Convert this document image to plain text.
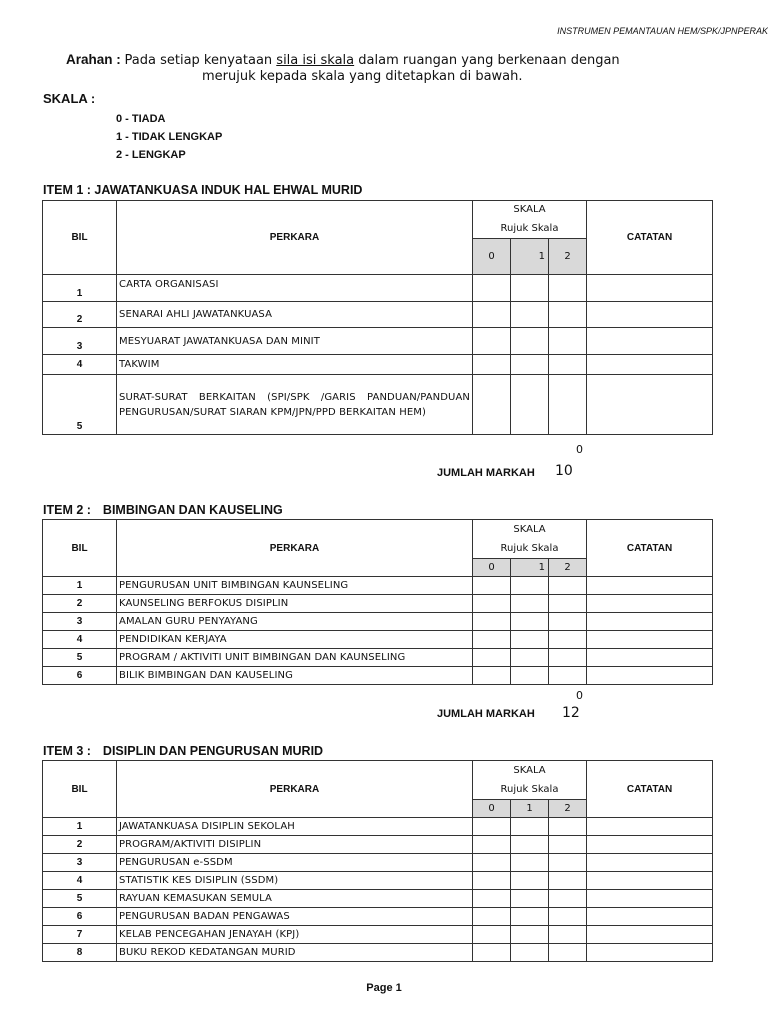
INSTRUMEN PEMANTAUAN HEM/SPK/JPNPERAK
Arahan : Pada setiap kenyataan sila isi skala dalam ruangan yang berkenaan dengan
merujuk kepada skala yang ditetapkan di bawah.
SKALA :
0 - TIADA
1 - TIDAK LENGKAP
2 - LENGKAP
ITEM 1 : JAWATANKUASA INDUK HAL EHWAL MURID
BIL	PERKARA	SKALA			CATATAN
		Rujuk Skala			
		0	1	2	
1	CARTA ORGANISASI				
2	SENARAI AHLI JAWATANKUASA				
3	MESYUARAT JAWATANKUASA DAN MINIT				
4	TAKWIM				
5	SURAT-SURAT BERKAITAN (SPI/SPK /GARIS PANDUAN/PANDUAN PENGURUSAN/SURAT SIARAN KPM/JPN/PPD BERKAITAN HEM)				
0
JUMLAH MARKAH 10
ITEM 2 : BIMBINGAN DAN KAUSELING
BIL	PERKARA	SKALA			CATATAN
		Rujuk Skala			
		0	1	2	
1	PENGURUSAN UNIT BIMBINGAN KAUNSELING				
2	KAUNSELING BERFOKUS DISIPLIN				
3	AMALAN GURU PENYAYANG				
4	PENDIDIKAN KERJAYA				
5	PROGRAM / AKTIVITI UNIT BIMBINGAN DAN KAUNSELING				
6	BILIK BIMBINGAN DAN KAUSELING				
0
JUMLAH MARKAH 12
ITEM 3 : DISIPLIN DAN PENGURUSAN MURID
BIL	PERKARA	SKALA			CATATAN
		Rujuk Skala			
		0	1	2	
1	JAWATANKUASA DISIPLIN SEKOLAH				
2	PROGRAM/AKTIVITI DISIPLIN				
3	PENGURUSAN e-SSDM				
4	STATISTIK KES DISIPLIN (SSDM)				
5	RAYUAN KEMASUKAN SEMULA				
6	PENGURUSAN BADAN PENGAWAS				
7	KELAB PENCEGAHAN JENAYAH (KPJ)				
8	BUKU REKOD KEDATANGAN MURID				
Page 1
